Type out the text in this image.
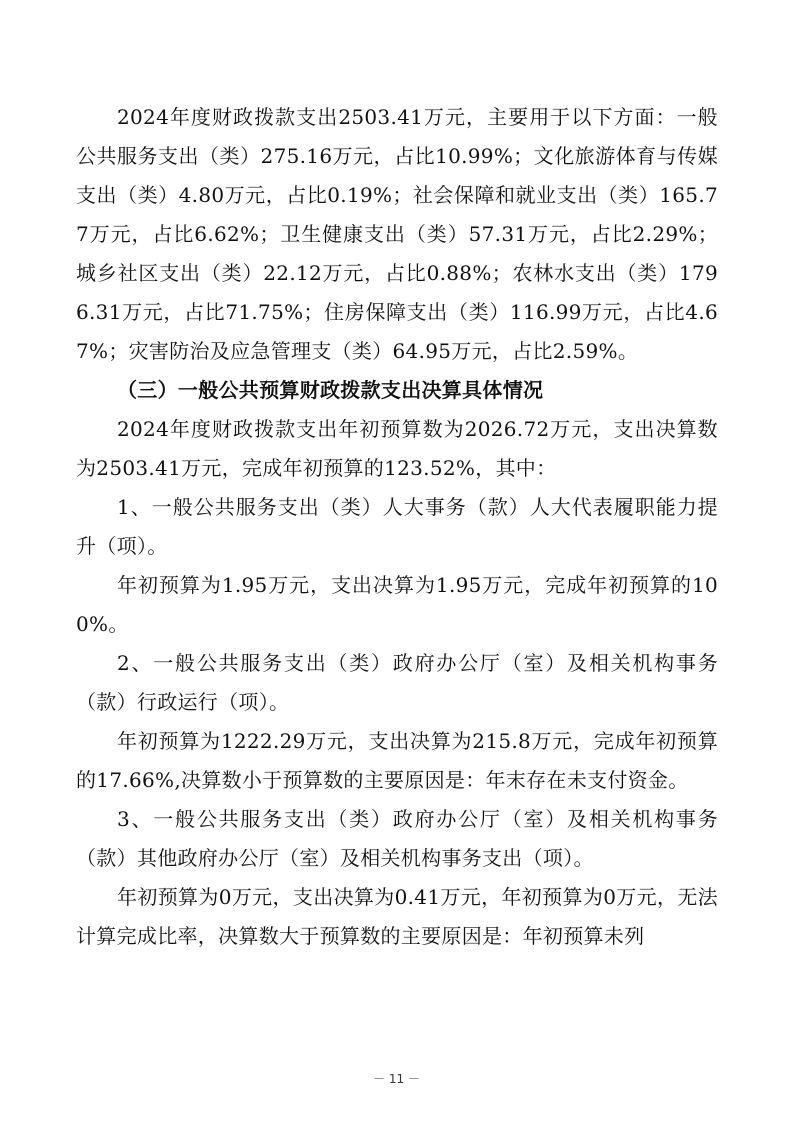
2024年度财政拨款支出2503.41万元，主要用于以下方面：一般公共服务支出（类）275.16万元，占比10.99%；文化旅游体育与传媒支出（类）4.80万元，占比0.19%；社会保障和就业支出（类）165.77万元，占比6.62%；卫生健康支出（类）57.31万元，占比2.29%；城乡社区支出（类）22.12万元，占比0.88%；农林水支出（类）1796.31万元，占比71.75%；住房保障支出（类）116.99万元，占比4.67%；灾害防治及应急管理支（类）64.95万元，占比2.59%。

（三）一般公共预算财政拨款支出决算具体情况

2024年度财政拨款支出年初预算数为2026.72万元，支出决算数为2503.41万元，完成年初预算的123.52%，其中：

1、一般公共服务支出（类）人大事务（款）人大代表履职能力提升（项）。

年初预算为1.95万元，支出决算为1.95万元，完成年初预算的100%。

2、一般公共服务支出（类）政府办公厅（室）及相关机构事务（款）行政运行（项）。

年初预算为1222.29万元，支出决算为215.8万元，完成年初预算的17.66%,决算数小于预算数的主要原因是：年末存在未支付资金。

3、一般公共服务支出（类）政府办公厅（室）及相关机构事务（款）其他政府办公厅（室）及相关机构事务支出（项）。

年初预算为0万元，支出决算为0.41万元，年初预算为0万元，无法计算完成比率，决算数大于预算数的主要原因是：年初预算未列

－ 11 －
